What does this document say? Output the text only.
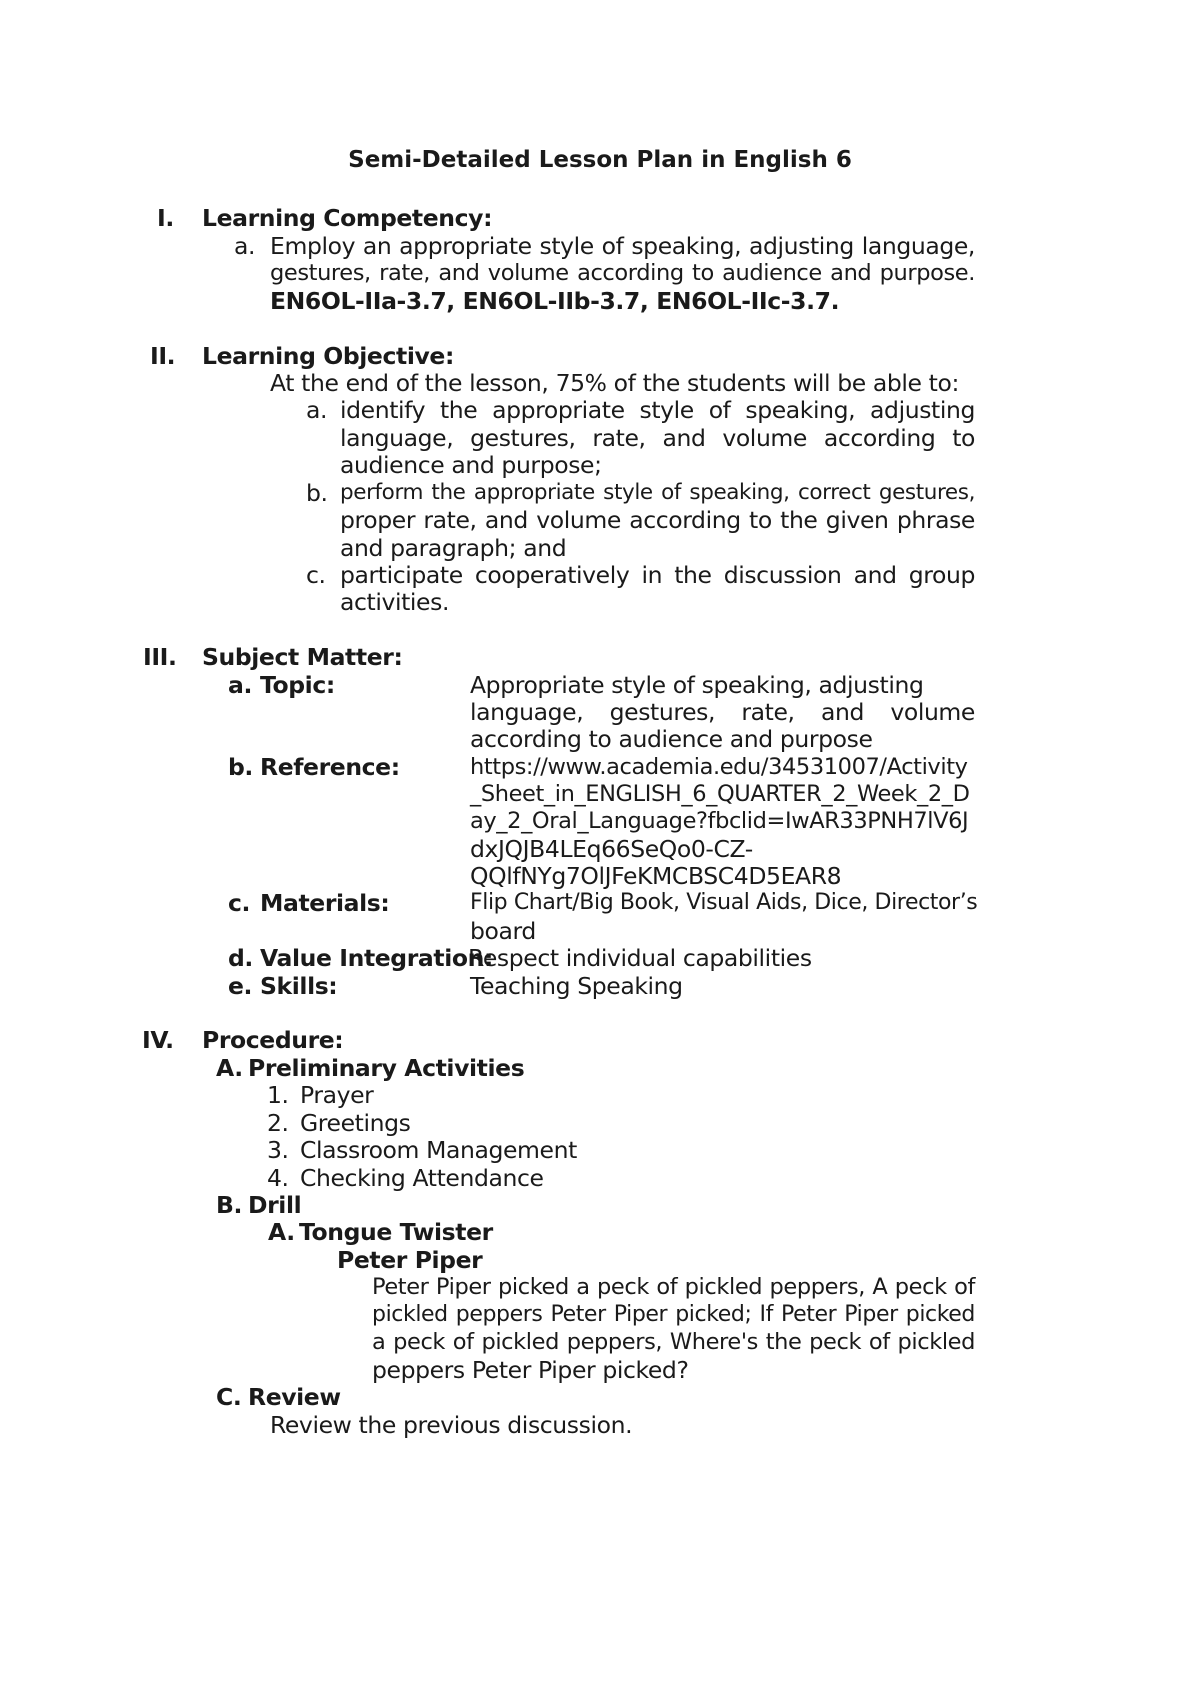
Semi-Detailed Lesson Plan in English 6
I. Learning Competency:
a. Employ an appropriate style of speaking, adjusting language,
gestures, rate, and volume according to audience and purpose.
EN6OL-IIa-3.7, EN6OL-IIb-3.7, EN6OL-IIc-3.7.
II. Learning Objective:
At the end of the lesson, 75% of the students will be able to:
a. identify the appropriate style of speaking, adjusting
language, gestures, rate, and volume according to
audience and purpose;
b. perform the appropriate style of speaking, correct gestures,
proper rate, and volume according to the given phrase
and paragraph; and
c. participate cooperatively in the discussion and group
activities.
III. Subject Matter:
a. Topic:	Appropriate style of speaking, adjusting
language, gestures, rate, and volume
according to audience and purpose
b. Reference:	https://www.academia.edu/34531007/Activity
_Sheet_in_ENGLISH_6_QUARTER_2_Week_2_D
ay_2_Oral_Language?fbclid=IwAR33PNH7lV6J
dxJQJB4LEq66SeQo0-CZ-
QQlfNYg7OlJFeKMCBSC4D5EAR8
c. Materials:	Flip Chart/Big Book, Visual Aids, Dice, Director’s
board
d. Value Integration:
Respect individual capabilities
e. Skills:	Teaching Speaking
IV. Procedure:
A. Preliminary Activities
1. Prayer
2. Greetings
3. Classroom Management
4. Checking Attendance
B. Drill
A. Tongue Twister
Peter Piper
Peter Piper picked a peck of pickled peppers, A peck of
pickled peppers Peter Piper picked; If Peter Piper picked
a peck of pickled peppers, Where's the peck of pickled
peppers Peter Piper picked?
C. Review
Review the previous discussion.
